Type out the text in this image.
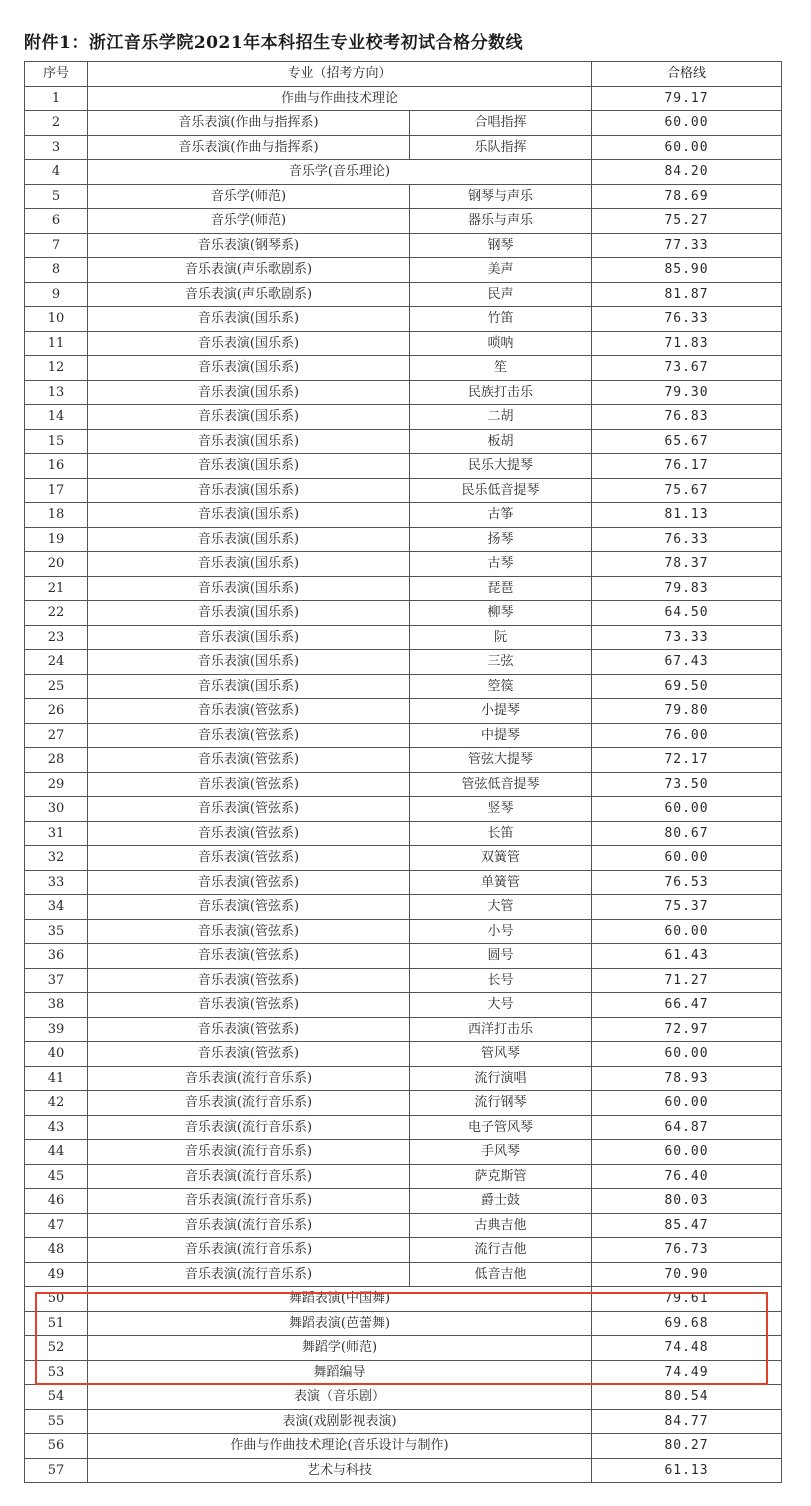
附件1：浙江音乐学院2021年本科招生专业校考初试合格分数线
序号	专业（招考方向）		合格线
1	作曲与作曲技术理论		79.17
2	音乐表演(作曲与指挥系)	合唱指挥	60.00
3	音乐表演(作曲与指挥系)	乐队指挥	60.00
4	音乐学(音乐理论)		84.20
5	音乐学(师范)	钢琴与声乐	78.69
6	音乐学(师范)	器乐与声乐	75.27
7	音乐表演(钢琴系)	钢琴	77.33
8	音乐表演(声乐歌剧系)	美声	85.90
9	音乐表演(声乐歌剧系)	民声	81.87
10	音乐表演(国乐系)	竹笛	76.33
11	音乐表演(国乐系)	唢呐	71.83
12	音乐表演(国乐系)	笙	73.67
13	音乐表演(国乐系)	民族打击乐	79.30
14	音乐表演(国乐系)	二胡	76.83
15	音乐表演(国乐系)	板胡	65.67
16	音乐表演(国乐系)	民乐大提琴	76.17
17	音乐表演(国乐系)	民乐低音提琴	75.67
18	音乐表演(国乐系)	古筝	81.13
19	音乐表演(国乐系)	扬琴	76.33
20	音乐表演(国乐系)	古琴	78.37
21	音乐表演(国乐系)	琵琶	79.83
22	音乐表演(国乐系)	柳琴	64.50
23	音乐表演(国乐系)	阮	73.33
24	音乐表演(国乐系)	三弦	67.43
25	音乐表演(国乐系)	箜篌	69.50
26	音乐表演(管弦系)	小提琴	79.80
27	音乐表演(管弦系)	中提琴	76.00
28	音乐表演(管弦系)	管弦大提琴	72.17
29	音乐表演(管弦系)	管弦低音提琴	73.50
30	音乐表演(管弦系)	竖琴	60.00
31	音乐表演(管弦系)	长笛	80.67
32	音乐表演(管弦系)	双簧管	60.00
33	音乐表演(管弦系)	单簧管	76.53
34	音乐表演(管弦系)	大管	75.37
35	音乐表演(管弦系)	小号	60.00
36	音乐表演(管弦系)	圆号	61.43
37	音乐表演(管弦系)	长号	71.27
38	音乐表演(管弦系)	大号	66.47
39	音乐表演(管弦系)	西洋打击乐	72.97
40	音乐表演(管弦系)	管风琴	60.00
41	音乐表演(流行音乐系)	流行演唱	78.93
42	音乐表演(流行音乐系)	流行钢琴	60.00
43	音乐表演(流行音乐系)	电子管风琴	64.87
44	音乐表演(流行音乐系)	手风琴	60.00
45	音乐表演(流行音乐系)	萨克斯管	76.40
46	音乐表演(流行音乐系)	爵士鼓	80.03
47	音乐表演(流行音乐系)	古典吉他	85.47
48	音乐表演(流行音乐系)	流行吉他	76.73
49	音乐表演(流行音乐系)	低音吉他	70.90
50	舞蹈表演(中国舞)		79.61
51	舞蹈表演(芭蕾舞)		69.68
52	舞蹈学(师范)		74.48
53	舞蹈编导		74.49
54	表演（音乐剧）		80.54
55	表演(戏剧影视表演)		84.77
56	作曲与作曲技术理论(音乐设计与制作)		80.27
57	艺术与科技		61.13
